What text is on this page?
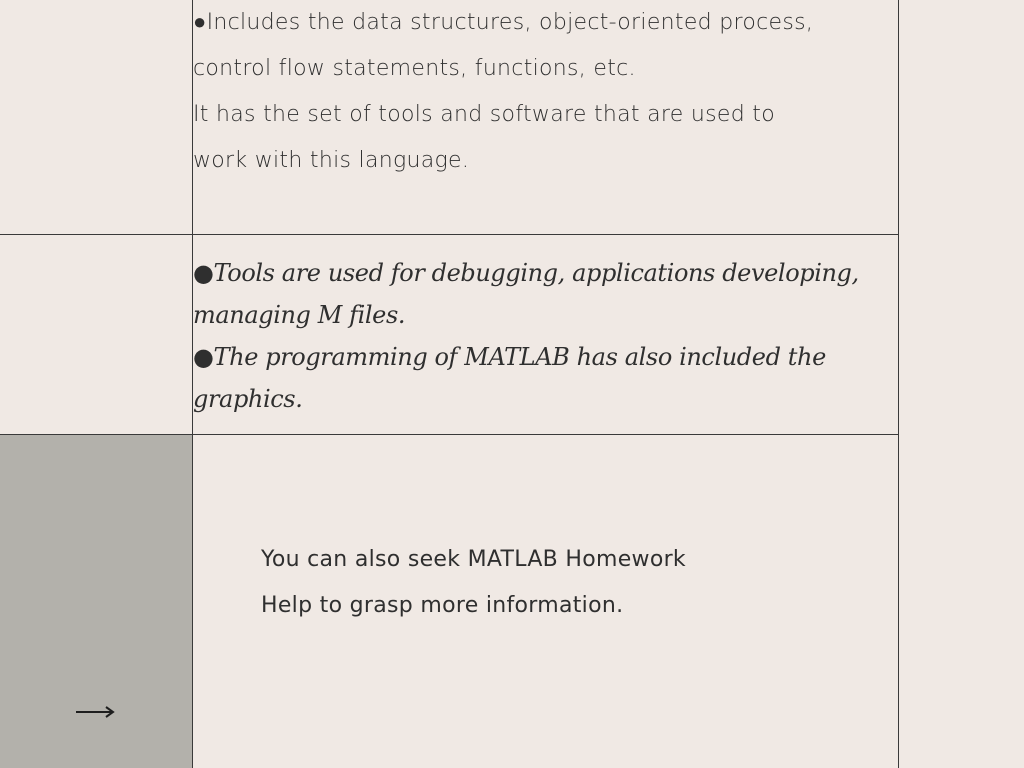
●Includes the data structures, object-oriented process,
control flow statements, functions, etc.
It has the set of tools and software that are used to
work with this language.
●Tools are used for debugging, applications developing,
managing M files.
●The programming of MATLAB has also included the
graphics.
You can also seek MATLAB Homework
Help to grasp more information.
